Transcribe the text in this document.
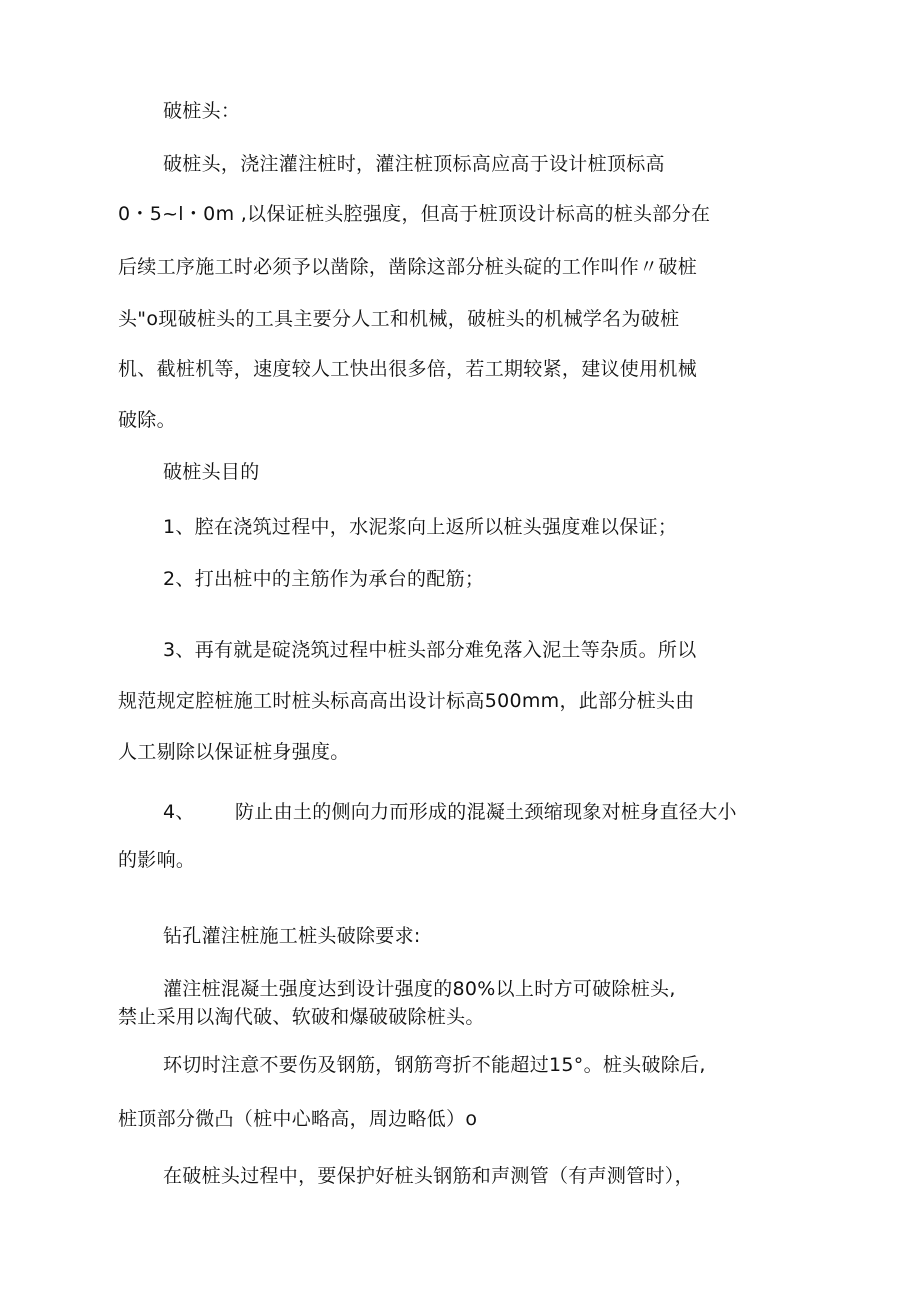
破桩头：
破桩头，浇注灌注桩时，灌注桩顶标高应高于设计桩顶标高
0・5~l・0m ,以保证桩头腔强度，但高于桩顶设计标高的桩头部分在
后续工序施工时必须予以凿除，凿除这部分桩头碇的工作叫作〃破桩
头"o现破桩头的工具主要分人工和机械，破桩头的机械学名为破桩
机、截桩机等，速度较人工快出很多倍，若工期较紧，建议使用机械
破除。
破桩头目的
1、腔在浇筑过程中，水泥浆向上返所以桩头强度难以保证；
2、打出桩中的主筋作为承台的配筋；
3、再有就是碇浇筑过程中桩头部分难免落入泥土等杂质。所以
规范规定腔桩施工时桩头标高高出设计标高500mm，此部分桩头由
人工剔除以保证桩身强度。
4、 防止由土的侧向力而形成的混凝土颈缩现象对桩身直径大小
的影响。
钻孔灌注桩施工桩头破除要求:
灌注桩混凝土强度达到设计强度的80%以上时方可破除桩头,
禁止采用以淘代破、软破和爆破破除桩头。
环切时注意不要伤及钢筋，钢筋弯折不能超过15°。桩头破除后,
桩顶部分微凸（桩中心略高，周边略低）o
在破桩头过程中，要保护好桩头钢筋和声测管（有声测管时），
